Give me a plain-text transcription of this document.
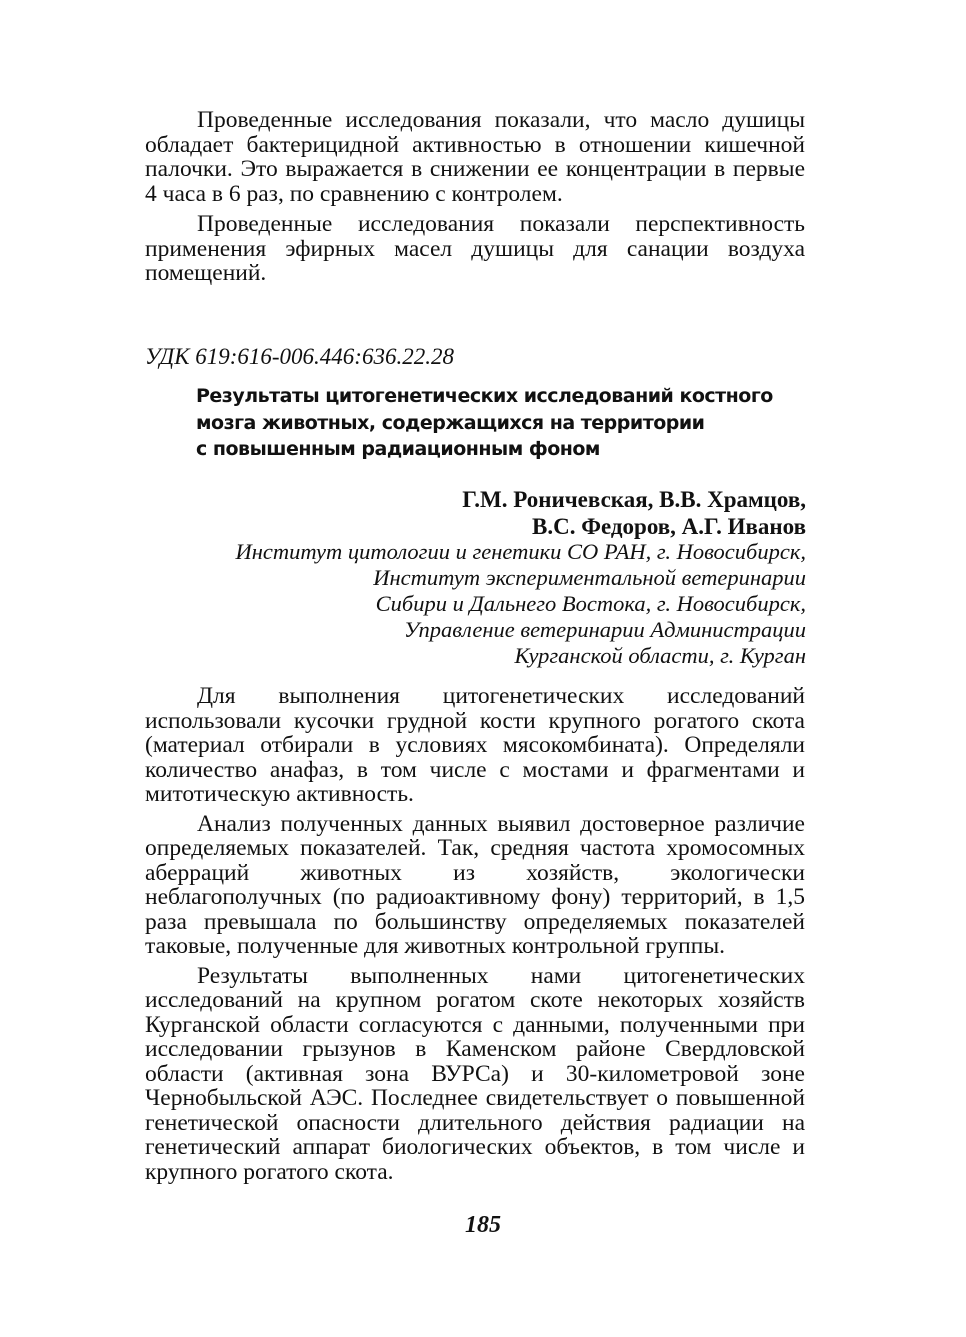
Проведенные исследования показали, что масло душицы обладает бактерицидной активностью в отношении кишечной палочки. Это выражается в снижении ее концентрации в первые 4 часа в 6 раз, по сравнению с контролем.

Проведенные исследования показали перспективность применения эфирных масел душицы для санации воздуха помещений.

УДК 619:616-006.446:636.22.28

Результаты цитогенетических исследований костного
мозга животных, содержащихся на территории
с повышенным радиационным фоном
Г.М. Роничевская, В.В. Храмцов,
В.С. Федоров, А.Г. Иванов
Институт цитологии и генетики СО РАН, г. Новосибирск,
Институт экспериментальной ветеринарии
Сибири и Дальнего Востока, г. Новосибирск,
Управление ветеринарии Администрации
Курганской области, г. Курган

Для выполнения цитогенетических исследований использовали кусочки грудной кости крупного рогатого скота (материал отбирали в условиях мясокомбината). Определяли количество анафаз, в том числе с мостами и фрагментами и митотическую активность.

Анализ полученных данных выявил достоверное различие определяемых показателей. Так, средняя частота хромосомных аберраций животных из хозяйств, экологически неблагополучных (по радиоактивному фону) территорий, в 1,5 раза превышала по большинству определяемых показателей таковые, полученные для животных контрольной группы.

Результаты выполненных нами цитогенетических исследований на крупном рогатом скоте некоторых хозяйств Курганской области согласуются с данными, полученными при исследовании грызунов в Каменском районе Свердловской области (активная зона ВУРСа) и 30-километровой зоне Чернобыльской АЭС. Последнее свидетельствует о повышенной генетической опасности длительного действия радиации на генетический аппарат биологических объектов, в том числе и крупного рогатого скота.

185
